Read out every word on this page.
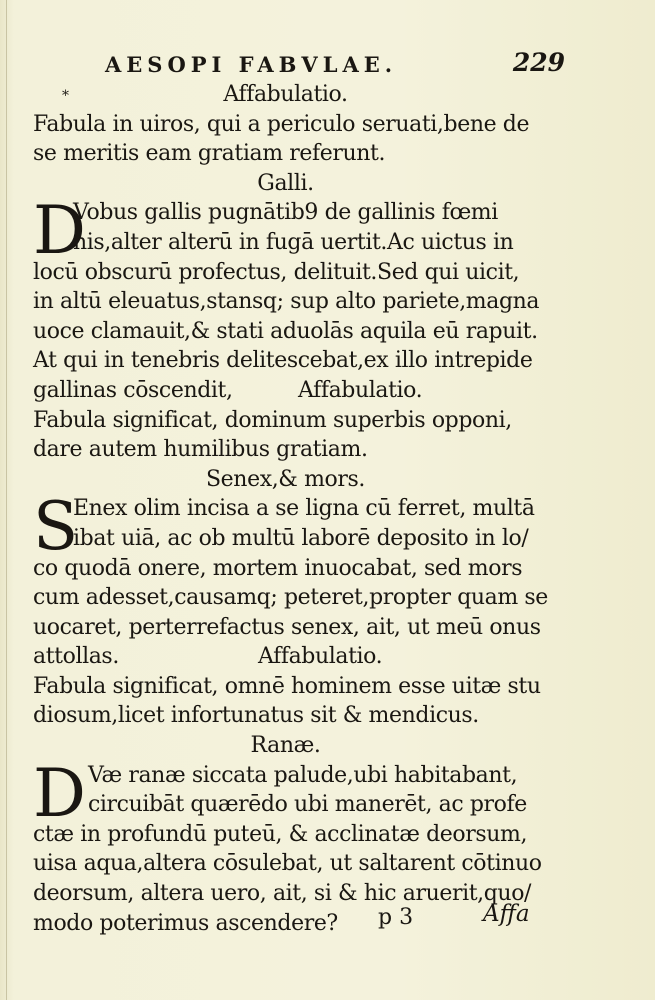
AESOPI FABVLAE.	229
*	Affabulatio.
Fabula in uiros, qui a periculo seruati,bene de
se meritis eam gratiam referunt.
Galli.
D
Vobus gallis pugnātib9 de gallinis fœmi
nis,alter alterū in fugā uertit.Ac uictus in
locū obscurū profectus, delituit.Sed qui uicit,
in altū eleuatus,stansq; sup alto pariete,magna
uoce clamauit,& stati aduolās aquila eū rapuit.
At qui in tenebris delitescebat,ex illo intrepide
gallinas cōscendit,	Affabulatio.
Fabula significat, dominum superbis opponi,
dare autem humilibus gratiam.
Senex,& mors.
S
Enex olim incisa a se ligna cū ferret, multā
ibat uiā, ac ob multū laborē deposito in lo/
co quodā onere, mortem inuocabat, sed mors
cum adesset,causamq; peteret,propter quam se
uocaret, perterrefactus senex, ait, ut meū onus
attollas.	Affabulatio.
Fabula significat, omnē hominem esse uitæ stu
diosum,licet infortunatus sit & mendicus.
Ranæ.
D Væ ranæ siccata palude,ubi habitabant,
circuibāt quærēdo ubi manerēt, ac profe
ctæ in profundū puteū, & acclinatæ deorsum,
uisa aqua,altera cōsulebat, ut saltarent cōtinuo
deorsum, altera uero, ait, si & hic aruerit,quo/
modo poterimus ascendere?	p 3	Affa
